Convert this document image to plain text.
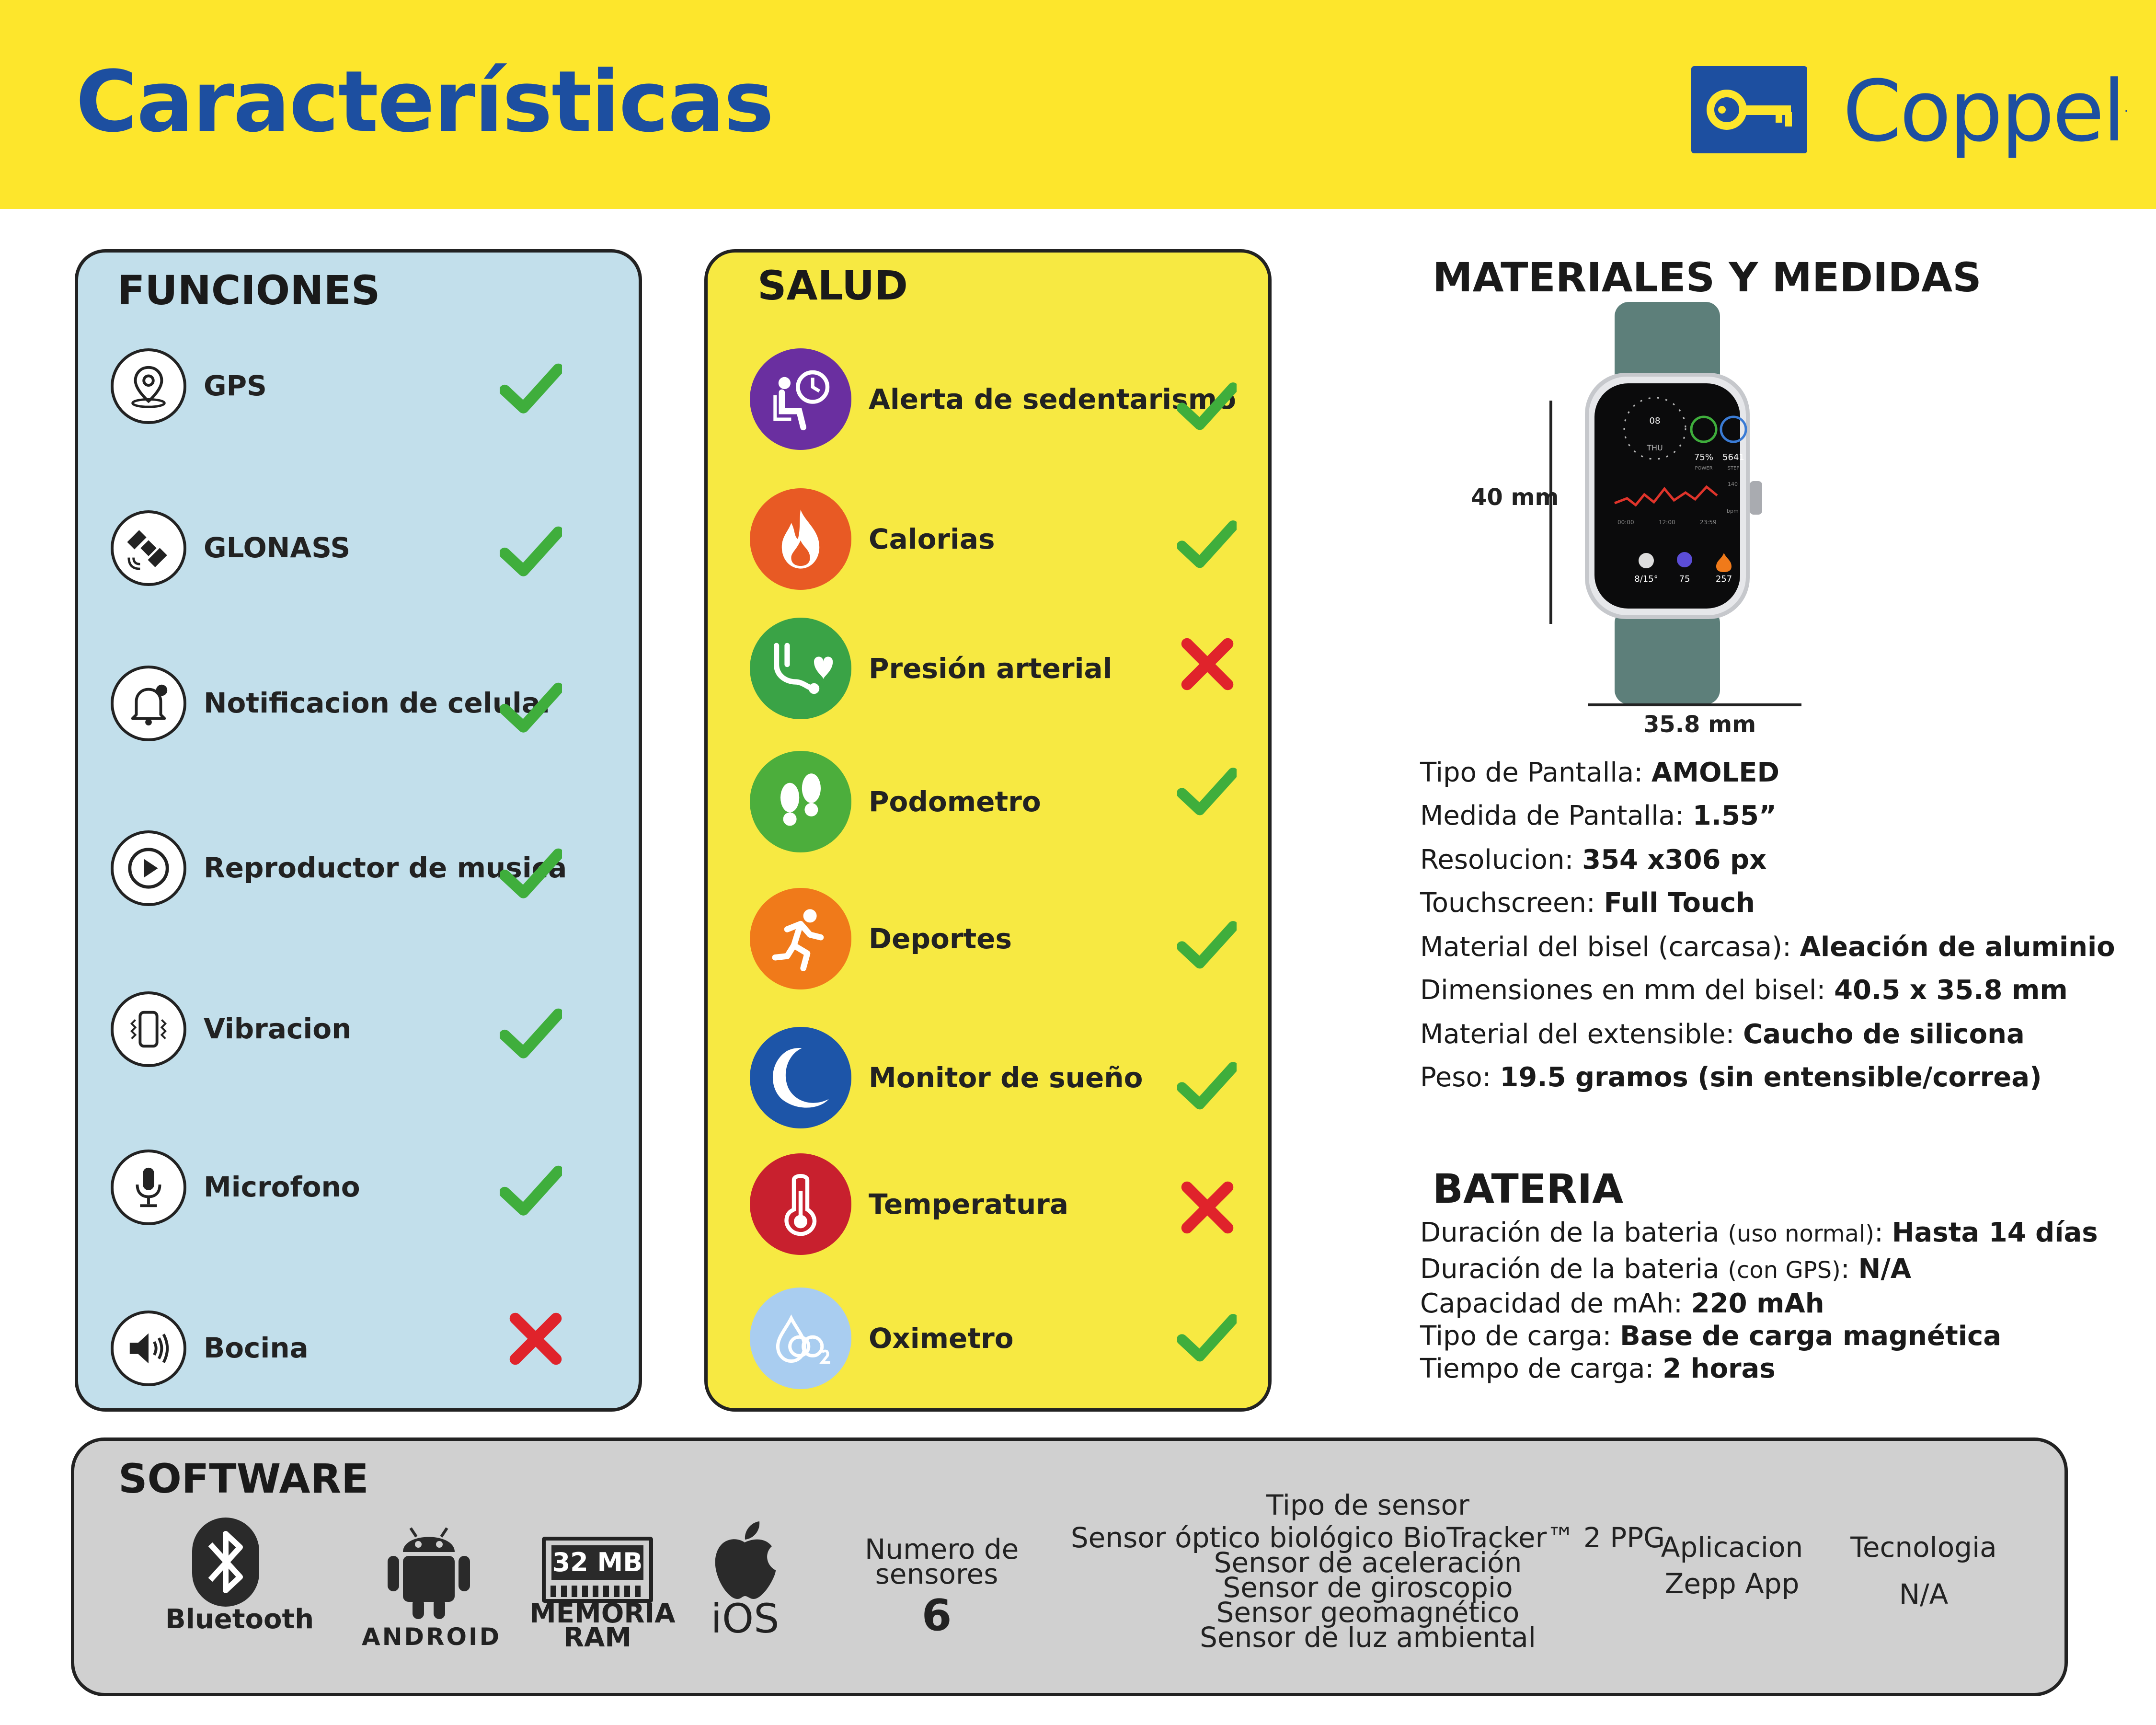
Características	Coppel.
FUNCIONES
GPS
GLONASS
Notificacion de celular
Reproductor de musica
Vibracion
Microfono
Bocina
SALUD
Alerta de sedentarismo
Calorias
Presión arterial
Podometro
Deportes
Monitor de sueño
Temperatura
Oximetro
MATERIALES Y MEDIDAS
08
THU
75%
POWER
5641
STEP
140
bpm
00:00	12:00	23:59
8/15° 75	257
40 mm
35.8 mm
Tipo de Pantalla: AMOLED
Medida de Pantalla: 1.55”
Resolucion: 354 x306 px
Touchscreen: Full Touch
Material del bisel (carcasa): Aleación de aluminio
Dimensiones en mm del bisel: 40.5 x 35.8 mm
Material del extensible: Caucho de silicona
Peso: 19.5 gramos (sin entensible/correa)
BATERIA
Duración de la bateria (uso normal): Hasta 14 días
Duración de la bateria (con GPS): N/A
Capacidad de mAh: 220 mAh
Tipo de carga: Base de carga magnética
Tiempo de carga: 2 horas
SOFTWARE
Bluetooth
ANDROID
32 MB
MEMORIA
RAM	iOS
Numero de
sensores
6
Tipo de sensor
Sensor óptico biológico BioTracker™ 2 PPG
Sensor de aceleración
Sensor de giroscopio
Sensor geomagnético
Sensor de luz ambiental
Aplicacion
Zepp App
Tecnologia
N/A
